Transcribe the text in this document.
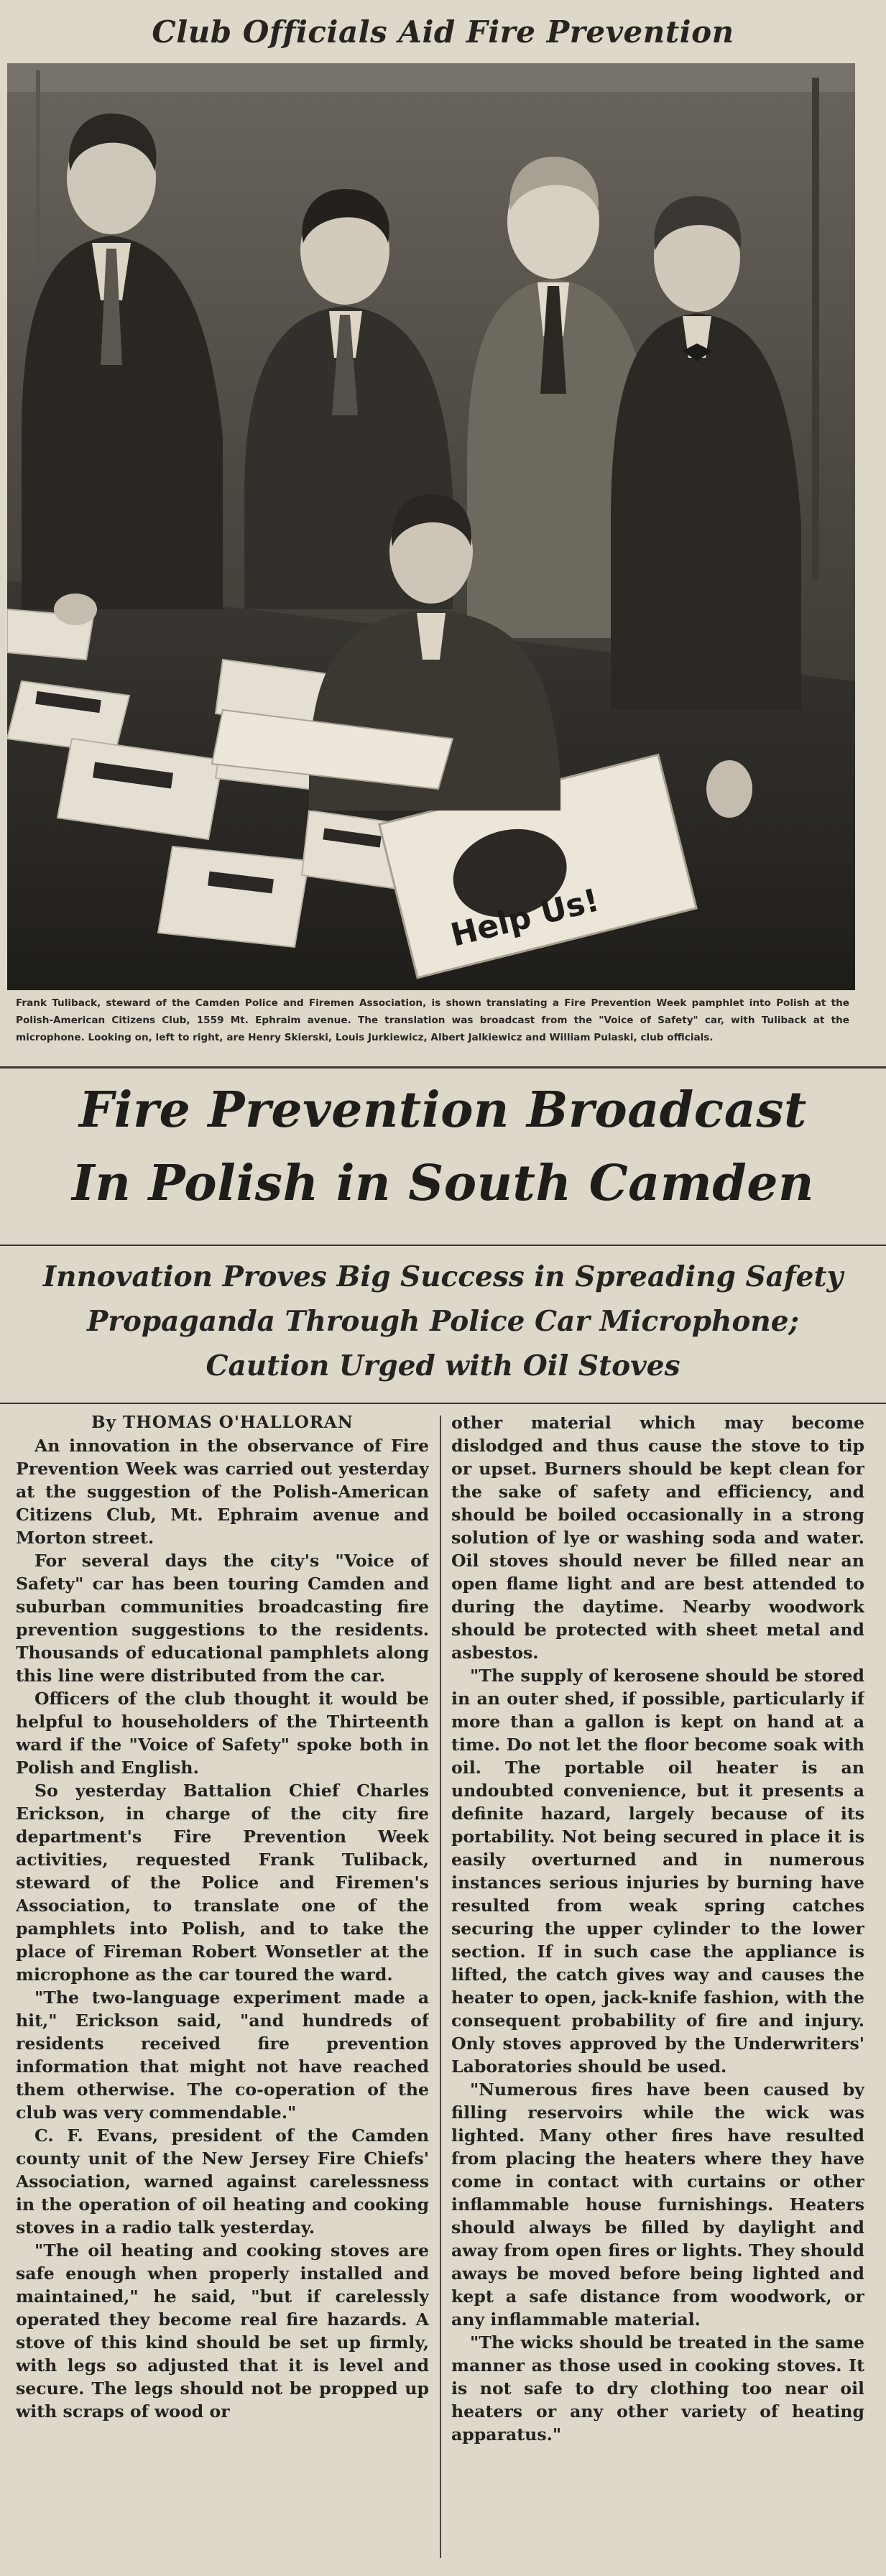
Club Officials Aid Fire Prevention
Help Us!

Frank Tuliback, steward of the Camden Police and Firemen Association, is shown translating a Fire Prevention Week pamphlet into Polish at the Polish-American Citizens Club, 1559 Mt. Ephraim avenue. The translation was broadcast from the "Voice of Safety" car, with Tuliback at the microphone. Looking on, left to right, are Henry Skierski, Louis Jurkiewicz, Albert Jalkiewicz and William Pulaski, club officials.

Fire Prevention Broadcast
In Polish in South Camden
Innovation Proves Big Success in Spreading Safety
Propaganda Through Police Car Microphone;
Caution Urged with Oil Stoves

By THOMAS O'HALLORAN

An innovation in the observance of Fire Prevention Week was carried out yesterday at the suggestion of the Polish-American Citizens Club, Mt. Ephraim avenue and Morton street.

For several days the city's "Voice of Safety" car has been touring Camden and suburban communities broadcasting fire prevention suggestions to the residents. Thousands of educational pamphlets along this line were distributed from the car.

Officers of the club thought it would be helpful to householders of the Thirteenth ward if the "Voice of Safety" spoke both in Polish and English.

So yesterday Battalion Chief Charles Erickson, in charge of the city fire department's Fire Prevention Week activities, requested Frank Tuliback, steward of the Police and Firemen's Association, to translate one of the pamphlets into Polish, and to take the place of Fireman Robert Wonsetler at the microphone as the car toured the ward.

"The two-language experiment made a hit," Erickson said, "and hundreds of residents received fire prevention information that might not have reached them otherwise. The co-operation of the club was very commendable."

C. F. Evans, president of the Camden county unit of the New Jersey Fire Chiefs' Association, warned against carelessness in the operation of oil heating and cooking stoves in a radio talk yesterday.

"The oil heating and cooking stoves are safe enough when properly installed and maintained," he said, "but if carelessly operated they become real fire hazards. A stove of this kind should be set up firmly, with legs so adjusted that it is level and secure. The legs should not be propped up with scraps of wood or

other material which may become dislodged and thus cause the stove to tip or upset. Burners should be kept clean for the sake of safety and efficiency, and should be boiled occasionally in a strong solution of lye or washing soda and water. Oil stoves should never be filled near an open flame light and are best attended to during the daytime. Nearby woodwork should be protected with sheet metal and asbestos.

"The supply of kerosene should be stored in an outer shed, if possible, particularly if more than a gallon is kept on hand at a time. Do not let the floor become soak with oil. The portable oil heater is an undoubted convenience, but it presents a definite hazard, largely because of its portability. Not being secured in place it is easily overturned and in numerous instances serious injuries by burning have resulted from weak spring catches securing the upper cylinder to the lower section. If in such case the appliance is lifted, the catch gives way and causes the heater to open, jack-knife fashion, with the consequent probability of fire and injury. Only stoves approved by the Underwriters' Laboratories should be used.

"Numerous fires have been caused by filling reservoirs while the wick was lighted. Many other fires have resulted from placing the heaters where they have come in contact with curtains or other inflammable house furnishings. Heaters should always be filled by daylight and away from open fires or lights. They should aways be moved before being lighted and kept a safe distance from woodwork, or any inflammable material.

"The wicks should be treated in the same manner as those used in cooking stoves. It is not safe to dry clothing too near oil heaters or any other variety of heating apparatus."
